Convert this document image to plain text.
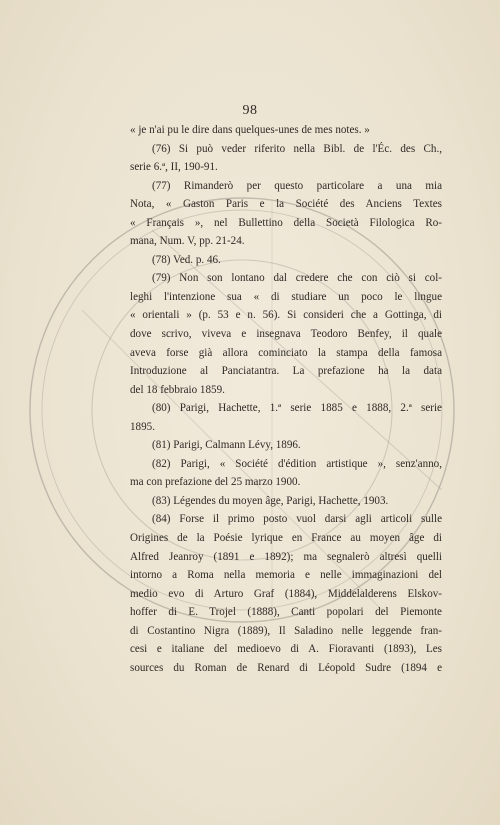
98
« je n'ai pu le dire dans quelques-unes de mes notes. »
(76) Si può veder riferito nella Bibl. de l'Éc. des Ch.,
serie 6.ª, II, 190-91.
(77) Rimanderò per questo particolare a una mia
Nota, « Gaston Paris e la Société des Anciens Textes
« Français », nel Bullettino della Società Filologica Ro-
mana, Num. V, pp. 21-24.
(78) Ved. p. 46.
(79) Non son lontano dal credere che con ciò si col-
leghi l'intenzione sua « di studiare un poco le lingue
« orientali » (p. 53 e n. 56). Si consideri che a Gottinga, di
dove scrivo, viveva e insegnava Teodoro Benfey, il quale
aveva forse già allora cominciato la stampa della famosa
Introduzione al Panciatantra. La prefazione ha la data
del 18 febbraio 1859.
(80) Parigi, Hachette, 1.ª serie 1885 e 1888, 2.ª serie
1895.
(81) Parigi, Calmann Lévy, 1896.
(82) Parigi, « Société d'édition artistique », senz'anno,
ma con prefazione del 25 marzo 1900.
(83) Légendes du moyen âge, Parigi, Hachette, 1903.
(84) Forse il primo posto vuol darsi agli articoli sulle
Origines de la Poésie lyrique en France au moyen âge di
Alfred Jeanroy (1891 e 1892); ma segnalerò altresì quelli
intorno a Roma nella memoria e nelle immaginazioni del
medio evo di Arturo Graf (1884), Middelalderens Elskov-
hoffer di E. Trojel (1888), Canti popolari del Piemonte
di Costantino Nigra (1889), Il Saladino nelle leggende fran-
cesi e italiane del medioevo di A. Fioravanti (1893), Les
sources du Roman de Renard di Léopold Sudre (1894 e
